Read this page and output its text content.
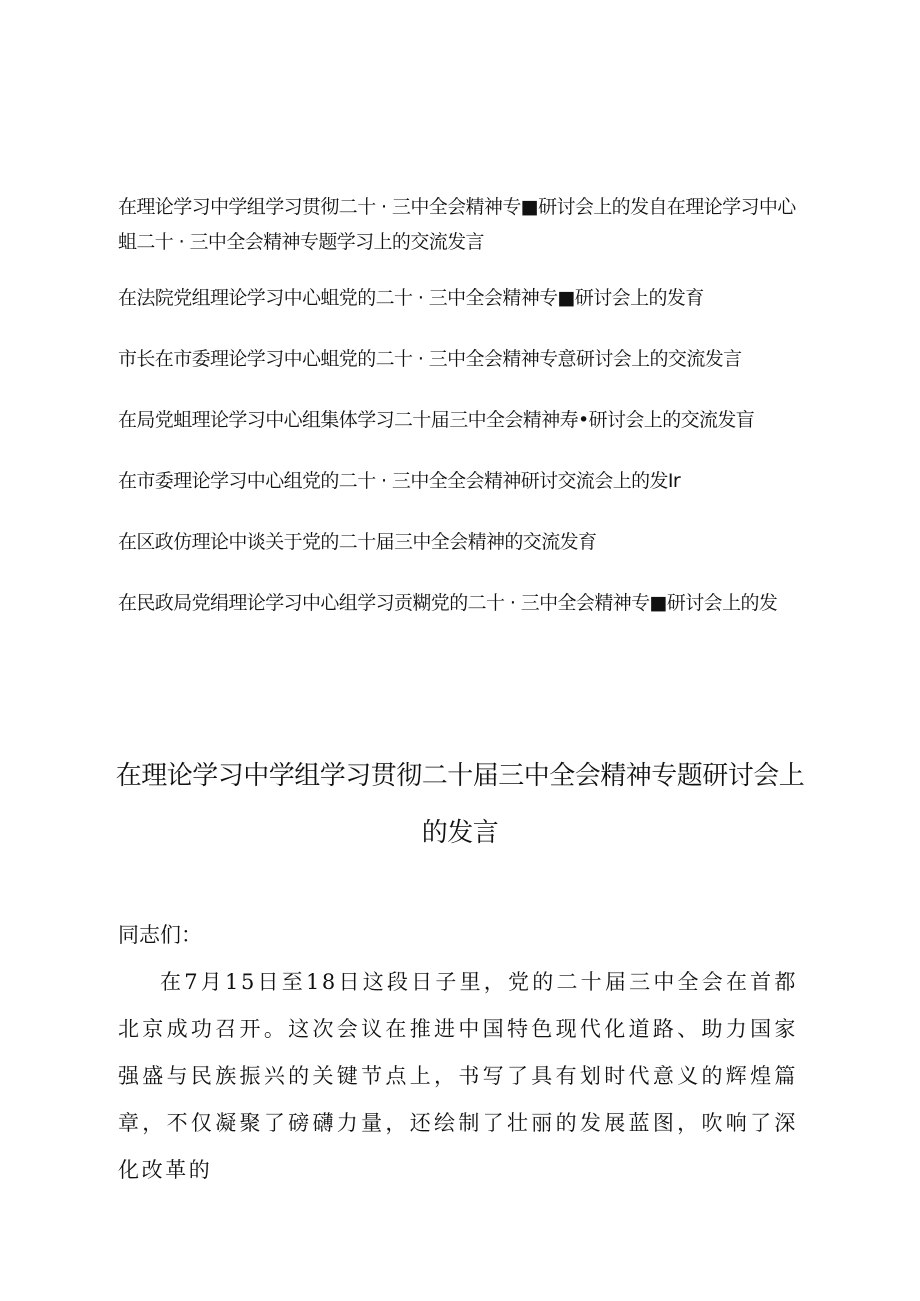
在理论学习中学组学习贯彻二十 · 三中全会精神专■研讨会上的发自在理论学习中心蛆二十 · 三中全会精神专题学习上的交流发言
在法院党组理论学习中心蛆党的二十 · 三中全会精神专■研讨会上的发育
市长在市委理论学习中心蛆党的二十 · 三中全会精神专意研讨会上的交流发言
在局党蛆理论学习中心组集体学习二十届三中全会精神寿•研讨会上的交流发盲
在市委理论学习中心组党的二十 · 三中全全会精神研讨交流会上的发Ir
在区政仿理论中谈关于党的二十届三中全会精神的交流发育
在民政局党绢理论学习中心组学习贡糊党的二十 · 三中全会精神专■研讨会上的发
在理论学习中学组学习贯彻二十届三中全会精神专题研讨会上的发言

同志们：

在7月15日至18日这段日子里，党的二十届三中全会在首都北京成功召开。这次会议在推进中国特色现代化道路、助力国家强盛与民族振兴的关键节点上，书写了具有划时代意义的辉煌篇章，不仅凝聚了磅礴力量，还绘制了壮丽的发展蓝图，吹响了深化改革的
